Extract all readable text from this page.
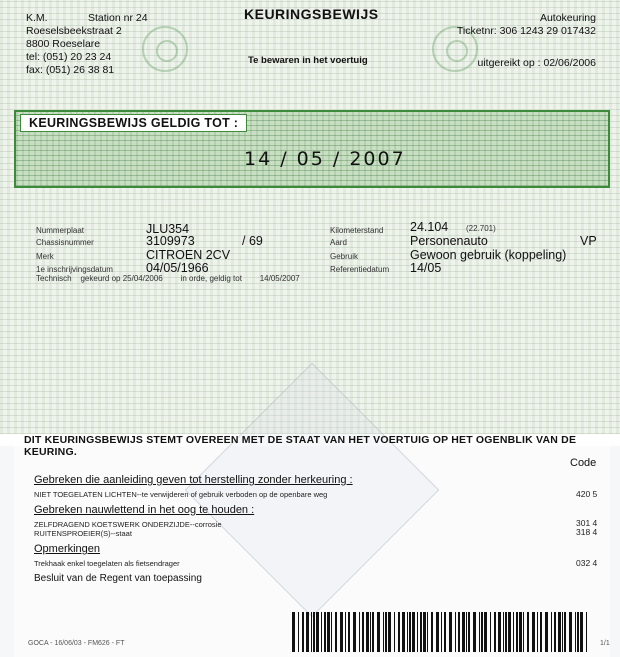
K.M.	Station nr 24
Roeselsbeekstraat 2
8800 Roeselare
tel: (051) 20 23 24
fax: (051) 26 38 81
KEURINGSBEWIJS
Te bewaren in het voertuig
Autokeuring
Ticketnr: 306 1243 29 017432
uitgereikt op : 02/06/2006
KEURINGSBEWIJS GELDIG TOT :
14 / 05 / 2007
Nummerplaat	JLU354
Chassisnummer	3109973	/ 69
Merk	CITROEN 2CV
1e inschrijvingsdatum	04/05/1966
Kilometerstand 24.104 (22.701)
Aard	Personenauto	VP
Gebruik	Gewoon gebruik (koppeling)
Referentiedatum 14/05
Technisch    gekeurd op 25/04/2006        in orde, geldig tot        14/05/2007
DIT KEURINGSBEWIJS STEMT OVEREEN MET DE STAAT VAN HET VOERTUIG OP HET OGENBLIK VAN DE KEURING.
Code
Gebreken die aanleiding geven tot herstelling zonder herkeuring :
NIET TOEGELATEN LICHTEN--te verwijderen of gebruik verboden op de openbare weg	420 5
Gebreken nauwlettend in het oog te houden :
ZELFDRAGEND KOETSWERK ONDERZIJDE--corrosie	301 4
RUITENSPROEIER(S)--staat	318 4
Opmerkingen
Trekhaak enkel toegelaten als fietsendrager	032 4
Besluit van de Regent van toepassing
GOCA - 16/06/03 - FM626 - FT	1/1
